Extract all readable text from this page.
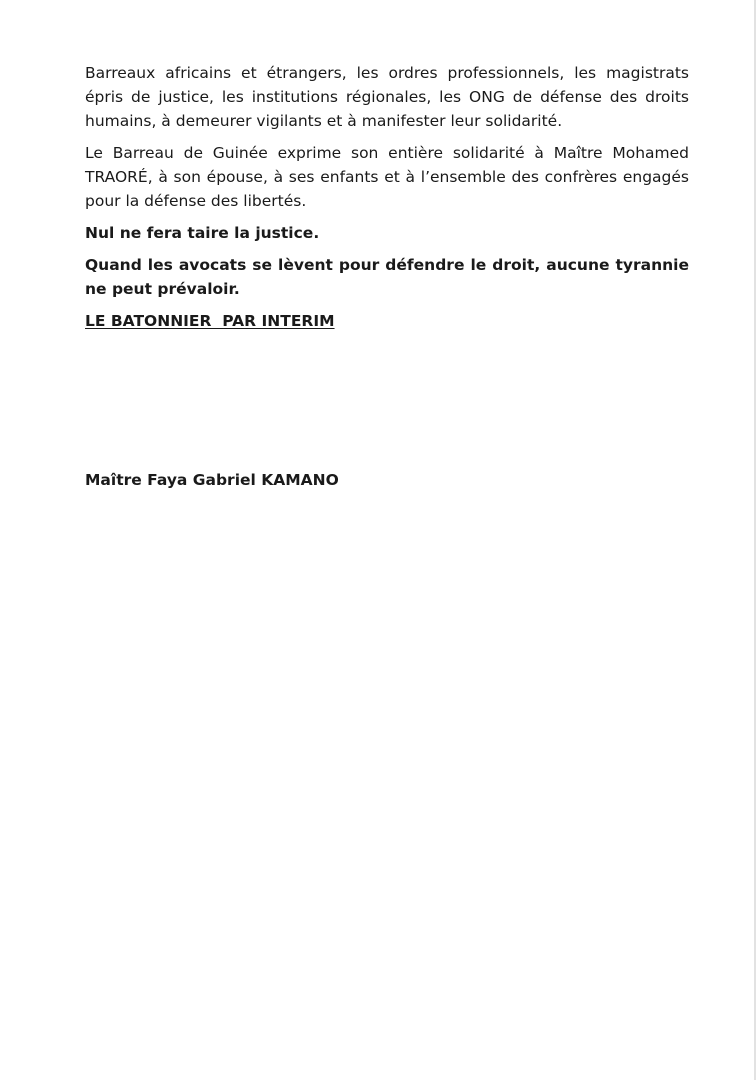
Barreaux africains et étrangers, les ordres professionnels, les magistrats épris de justice, les institutions régionales, les ONG de défense des droits humains, à demeurer vigilants et à manifester leur solidarité.

Le Barreau de Guinée exprime son entière solidarité à Maître Mohamed TRAORÉ, à son épouse, à ses enfants et à l’ensemble des confrères engagés pour la défense des libertés.

Nul ne fera taire la justice.

Quand les avocats se lèvent pour défendre le droit, aucune tyrannie ne peut prévaloir.

LE BATONNIER  PAR INTERIM

Maître Faya Gabriel KAMANO
